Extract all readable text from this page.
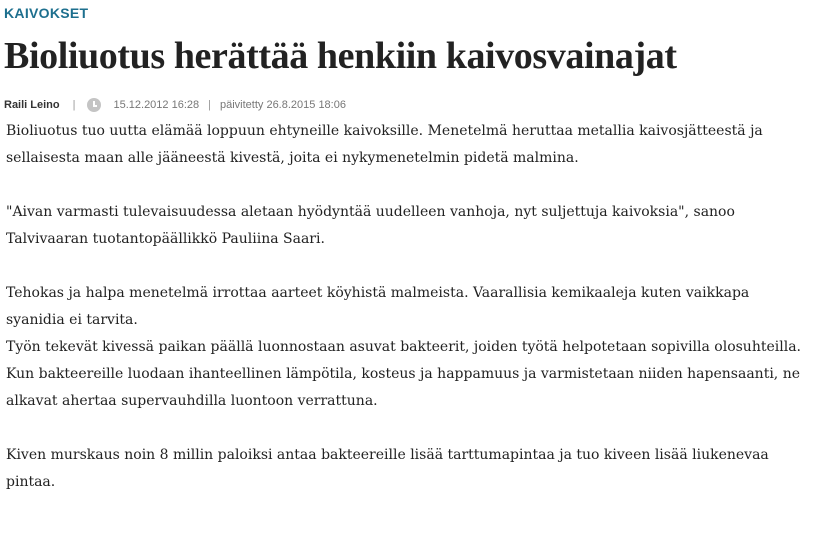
KAIVOKSET
Bioliuotus herättää henkiin kaivosvainajat
Raili Leino |	15.12.2012 16:28 | päivitetty 26.8.2015 18:06

Bioliuotus tuo uutta elämää loppuun ehtyneille kaivoksille. Menetelmä heruttaa metallia kaivosjätteestä ja sellaisesta maan alle jääneestä kivestä, joita ei nykymenetelmin pidetä malmina.

"Aivan varmasti tulevaisuudessa aletaan hyödyntää uudelleen vanhoja, nyt suljettuja kaivoksia", sanoo Talvivaaran tuotantopäällikkö Pauliina Saari.

Tehokas ja halpa menetelmä irrottaa aarteet köyhistä malmeista. Vaarallisia kemikaaleja kuten vaikkapa syanidia ei tarvita.

Työn tekevät kivessä paikan päällä luonnostaan asuvat bakteerit, joiden työtä helpotetaan sopivilla olosuhteilla. Kun bakteereille luodaan ihanteellinen lämpötila, kosteus ja happamuus ja varmistetaan niiden hapensaanti, ne alkavat ahertaa supervauhdilla luontoon verrattuna.

Kiven murskaus noin 8 millin paloiksi antaa bakteereille lisää tarttumapintaa ja tuo kiveen lisää liukenevaa pintaa.
